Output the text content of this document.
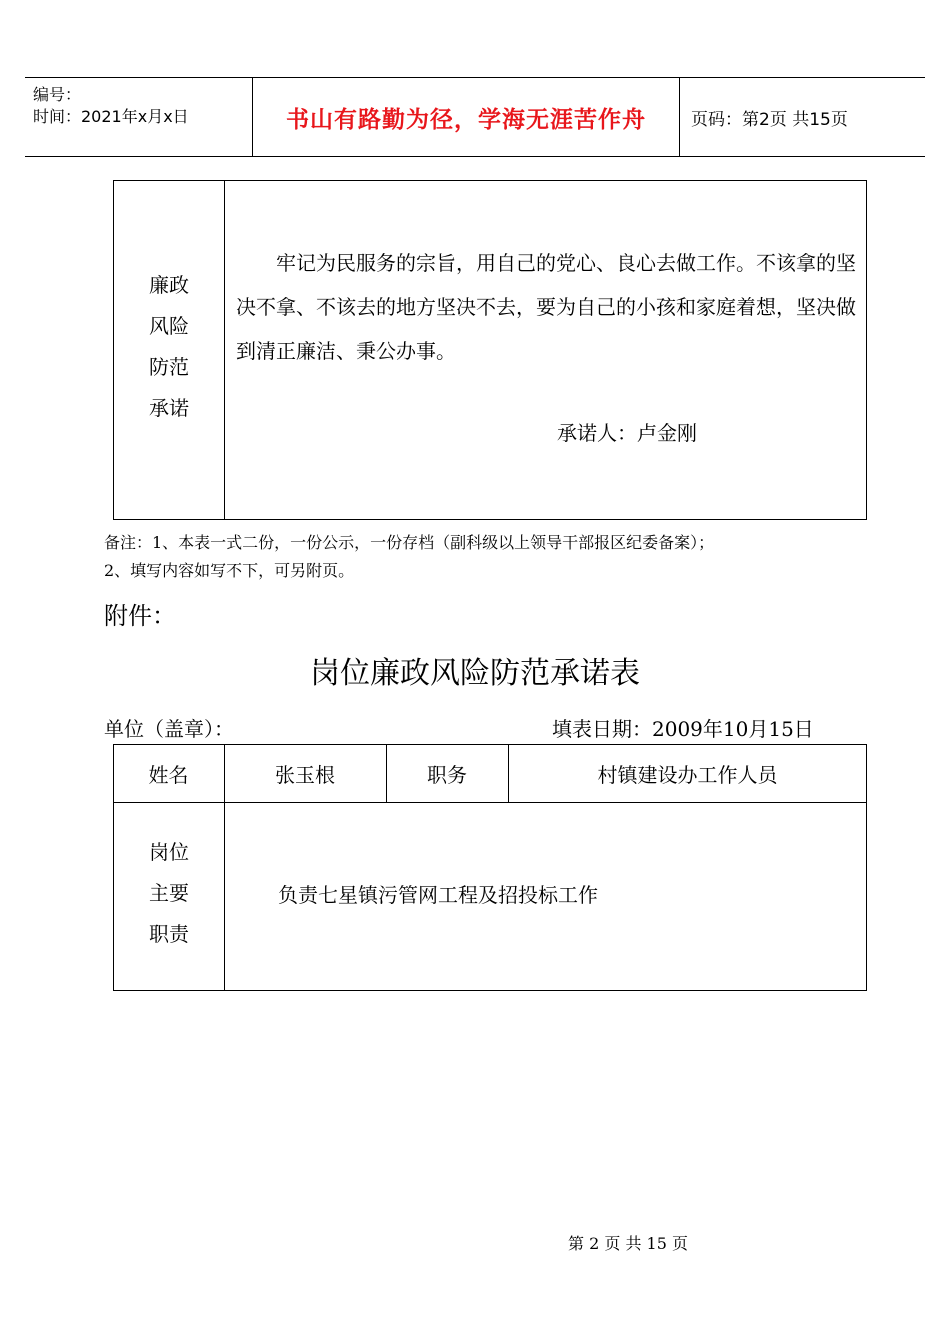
编号：
时间：2021年x月x日	书山有路勤为径，学海无涯苦作舟	页码：第2页 共15页
廉政
风险
防范
承诺
牢记为民服务的宗旨，用自己的党心、良心去做工作。不该拿的坚决不拿、不该去的地方坚决不去，要为自己的小孩和家庭着想，坚决做到清正廉洁、秉公办事。
承诺人：卢金刚
备注：1、本表一式二份，一份公示，一份存档（副科级以上领导干部报区纪委备案）；
2、填写内容如写不下，可另附页。
附件：
岗位廉政风险防范承诺表
单位（盖章）：	填表日期：2009年10月15日
姓名	张玉根	职务	村镇建设办工作人员
岗位
主要
职责
负责七星镇污管网工程及招投标工作
第 2 页 共 15 页
